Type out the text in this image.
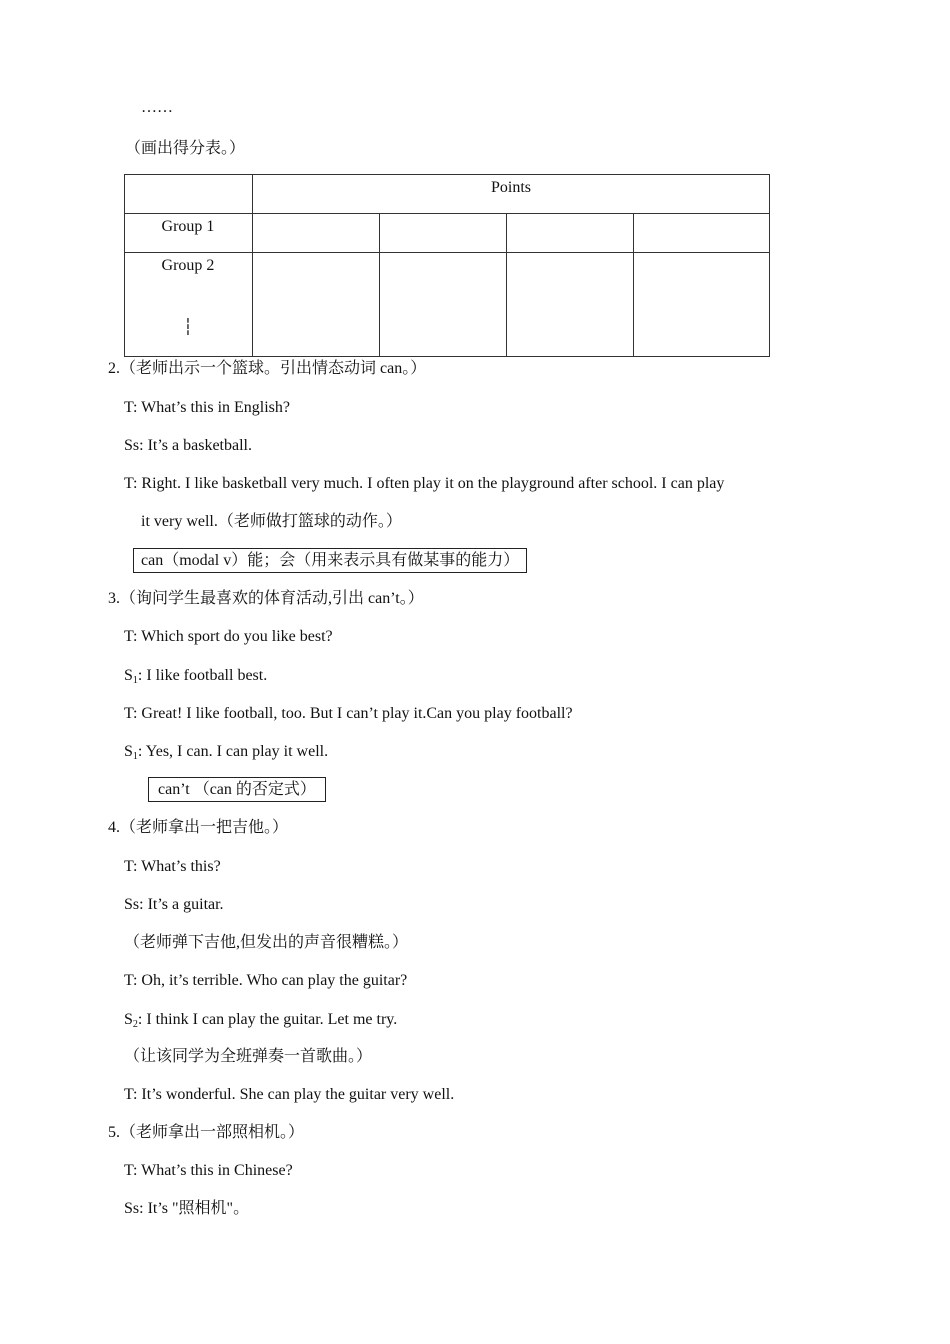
……
（画出得分表。）
Points
Group 1
Group 2
┆
2.（老师出示一个篮球。引出情态动词 can。）
T: What’s this in English?
Ss: It’s a basketball.
T: Right. I like basketball very much. I often play it on the playground after school. I can play
it very well.（老师做打篮球的动作。）
can（modal v）能；会（用来表示具有做某事的能力）
3.（询问学生最喜欢的体育活动,引出 can’t。）
T: Which sport do you like best?
$S_1$: I like football best.
T: Great! I like football, too. But I can’t play it.Can you play football?
$S_1$: Yes, I can. I can play it well.
can’t （can 的否定式）
4.（老师拿出一把吉他。）
T: What’s this?
Ss: It’s a guitar.
（老师弹下吉他,但发出的声音很糟糕。）
T: Oh, it’s terrible. Who can play the guitar?
$S_2$: I think I can play the guitar. Let me try.
（让该同学为全班弹奏一首歌曲。）
T: It’s wonderful. She can play the guitar very well.
5.（老师拿出一部照相机。）
T: What’s this in Chinese?
Ss: It’s "照相机"。
